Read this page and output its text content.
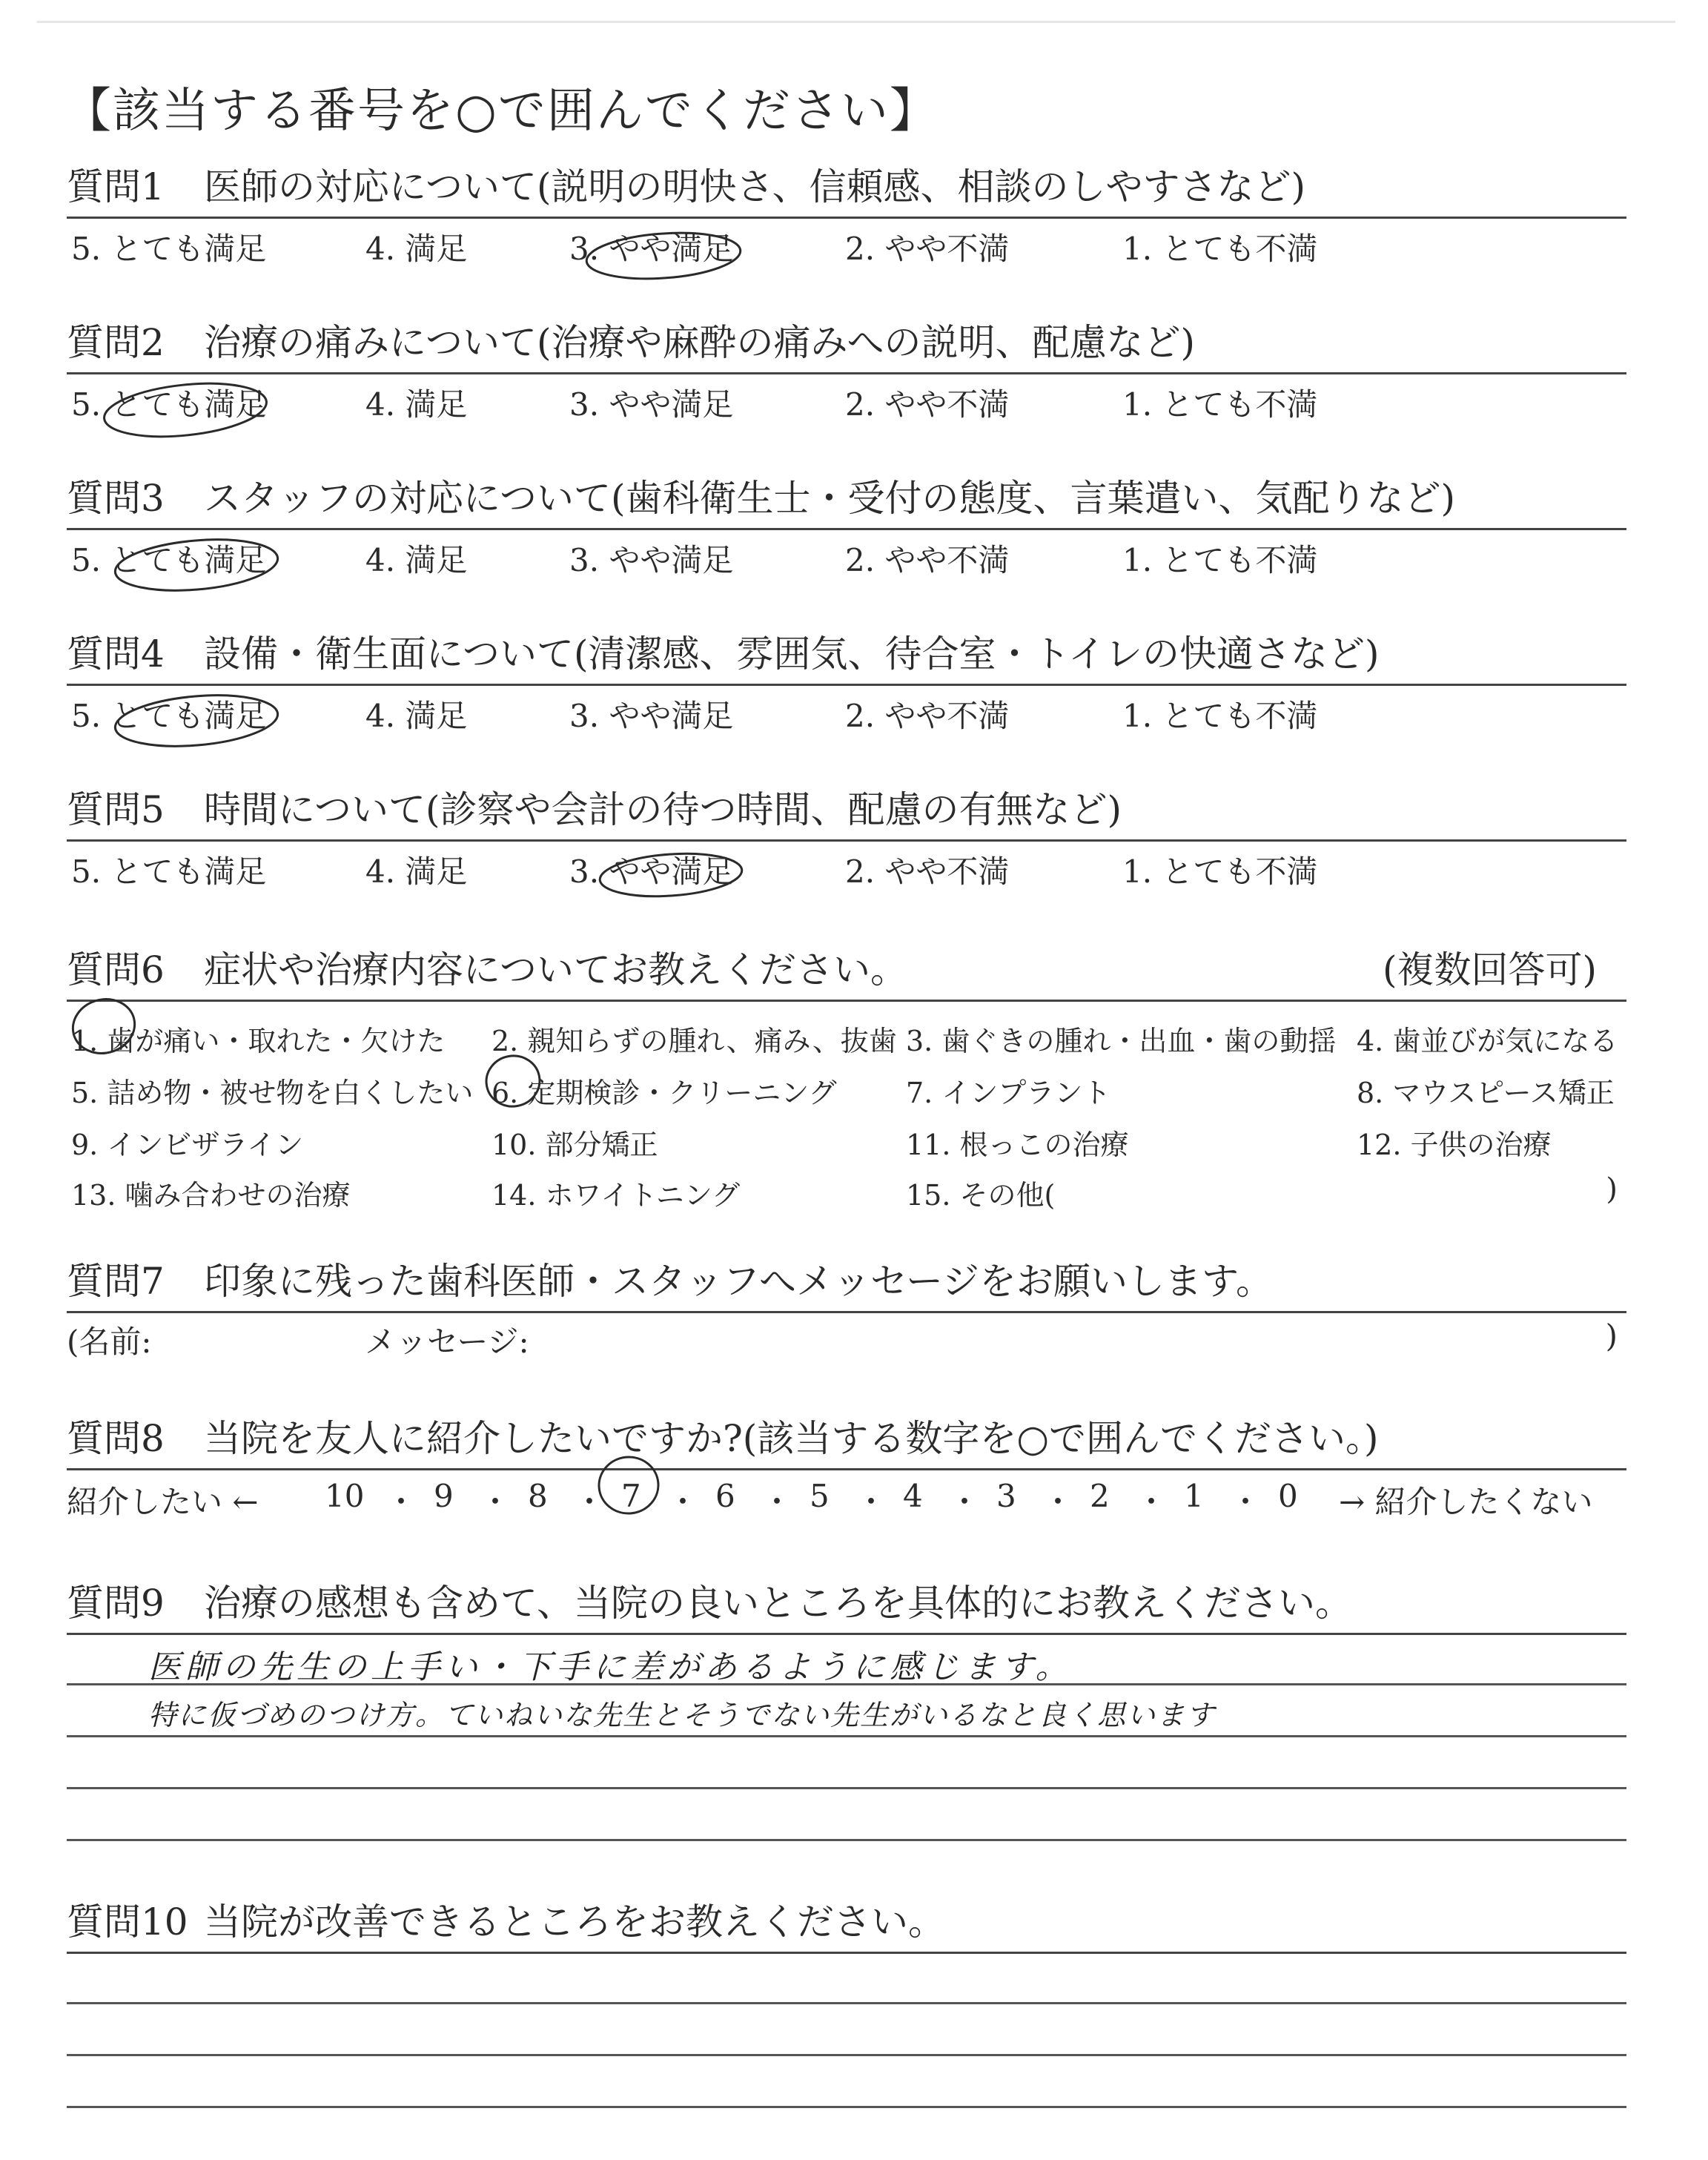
【該当する番号を○で囲んでください】
質問1 医師の対応について(説明の明快さ、信頼感、相談のしやすさなど)
5. とても満足	4. 満足	3. やや満足	2. やや不満	1. とても不満
質問2 治療の痛みについて(治療や麻酔の痛みへの説明、配慮など)
5. とても満足	4. 満足	3. やや満足	2. やや不満	1. とても不満
質問3 スタッフの対応について(歯科衛生士・受付の態度、言葉遣い、気配りなど)
5. とても満足	4. 満足	3. やや満足	2. やや不満	1. とても不満
質問4 設備・衛生面について(清潔感、雰囲気、待合室・トイレの快適さなど)
5. とても満足	4. 満足	3. やや満足	2. やや不満	1. とても不満
質問5 時間について(診察や会計の待つ時間、配慮の有無など)
5. とても満足	4. 満足	3. やや満足	2. やや不満	1. とても不満
質問6 症状や治療内容についてお教えください。	(複数回答可)
1. 歯が痛い・取れた・欠けた 2. 親知らずの腫れ、痛み、抜歯 3. 歯ぐきの腫れ・出血・歯の動揺 4. 歯並びが気になる
5. 詰め物・被せ物を白くしたい 6. 定期検診・クリーニング 7. インプラント	8. マウスピース矯正
9. インビザライン	10. 部分矯正	11. 根っこの治療	12. 子供の治療
13. 噛み合わせの治療	14. ホワイトニング	15. その他(	)
質問7 印象に残った歯科医師・スタッフへメッセージをお願いします。
(名前:	メッセージ:	)
質問8 当院を友人に紹介したいですか?(該当する数字を○で囲んでください。)
紹介したい ← 10 ・ 9 ・ 8 ・ 7 ・ 6 ・ 5 ・ 4 ・ 3 ・ 2 ・ 1 ・ 0 → 紹介したくない
質問9 治療の感想も含めて、当院の良いところを具体的にお教えください。
医師の先生の上手い・下手に差があるように感じます。
特に仮づめのつけ方。ていねいな先生とそうでない先生がいるなと良く思います
質問10 当院が改善できるところをお教えください。
